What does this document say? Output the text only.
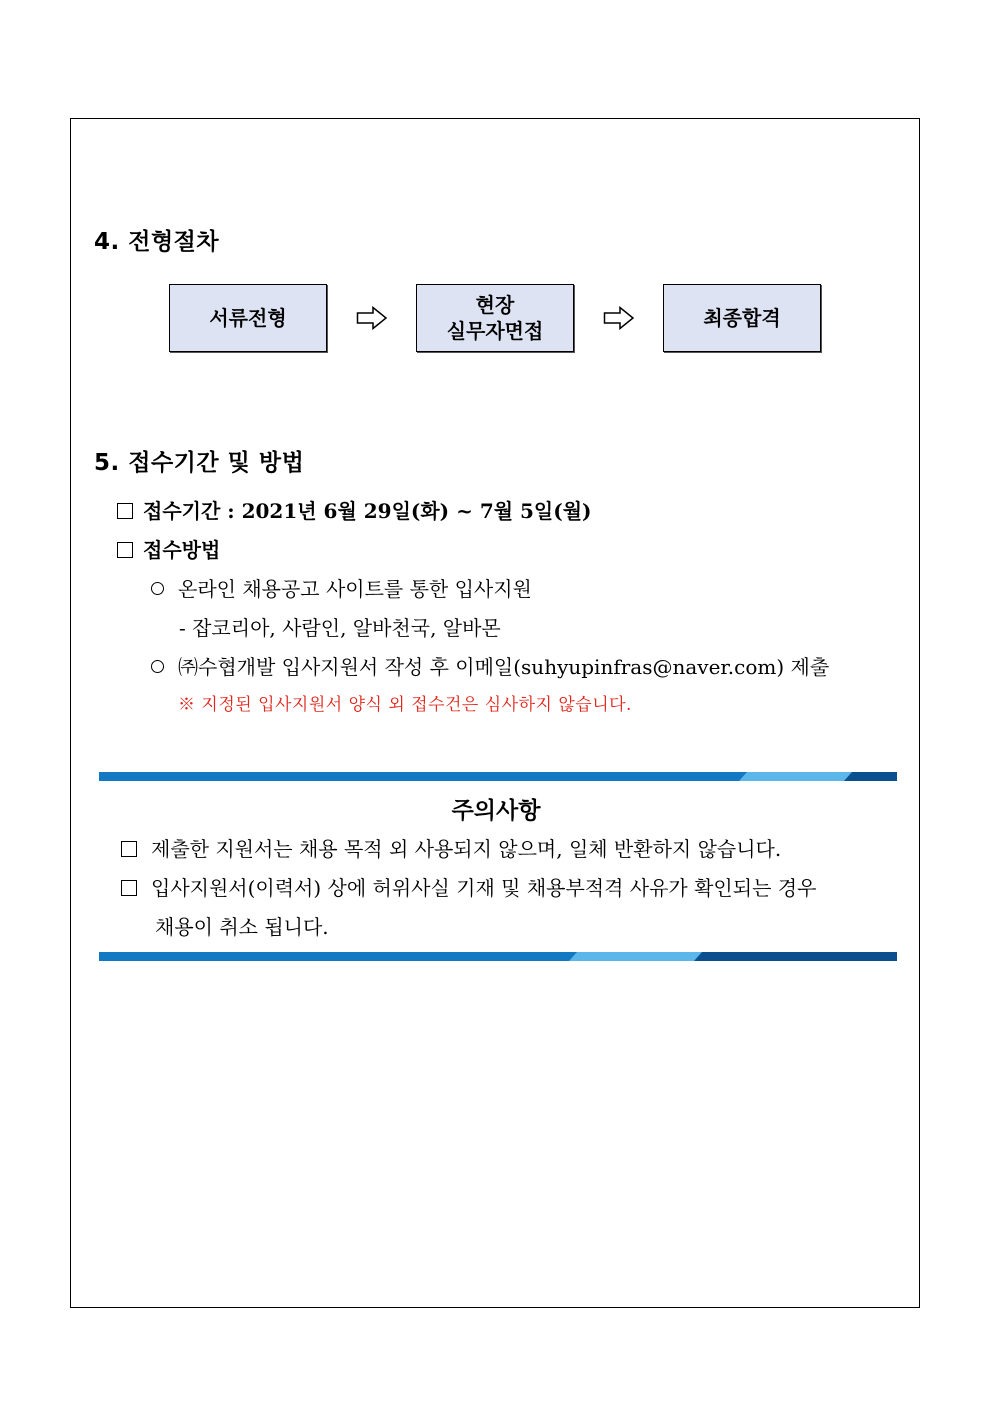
4. 전형절차
서류전형
현장
실무자면접
최종합격
5. 접수기간 및 방법
접수기간 : 2021년 6월 29일(화) ~ 7월 5일(월)
접수방법
온라인 채용공고 사이트를 통한 입사지원
- 잡코리아, 사람인, 알바천국, 알바몬
㈜수협개발 입사지원서 작성 후 이메일(suhyupinfras@naver.com) 제출
※ 지정된 입사지원서 양식 외 접수건은 심사하지 않습니다.
주의사항
제출한 지원서는 채용 목적 외 사용되지 않으며, 일체 반환하지 않습니다.
입사지원서(이력서) 상에 허위사실 기재 및 채용부적격 사유가 확인되는 경우
채용이 취소 됩니다.
